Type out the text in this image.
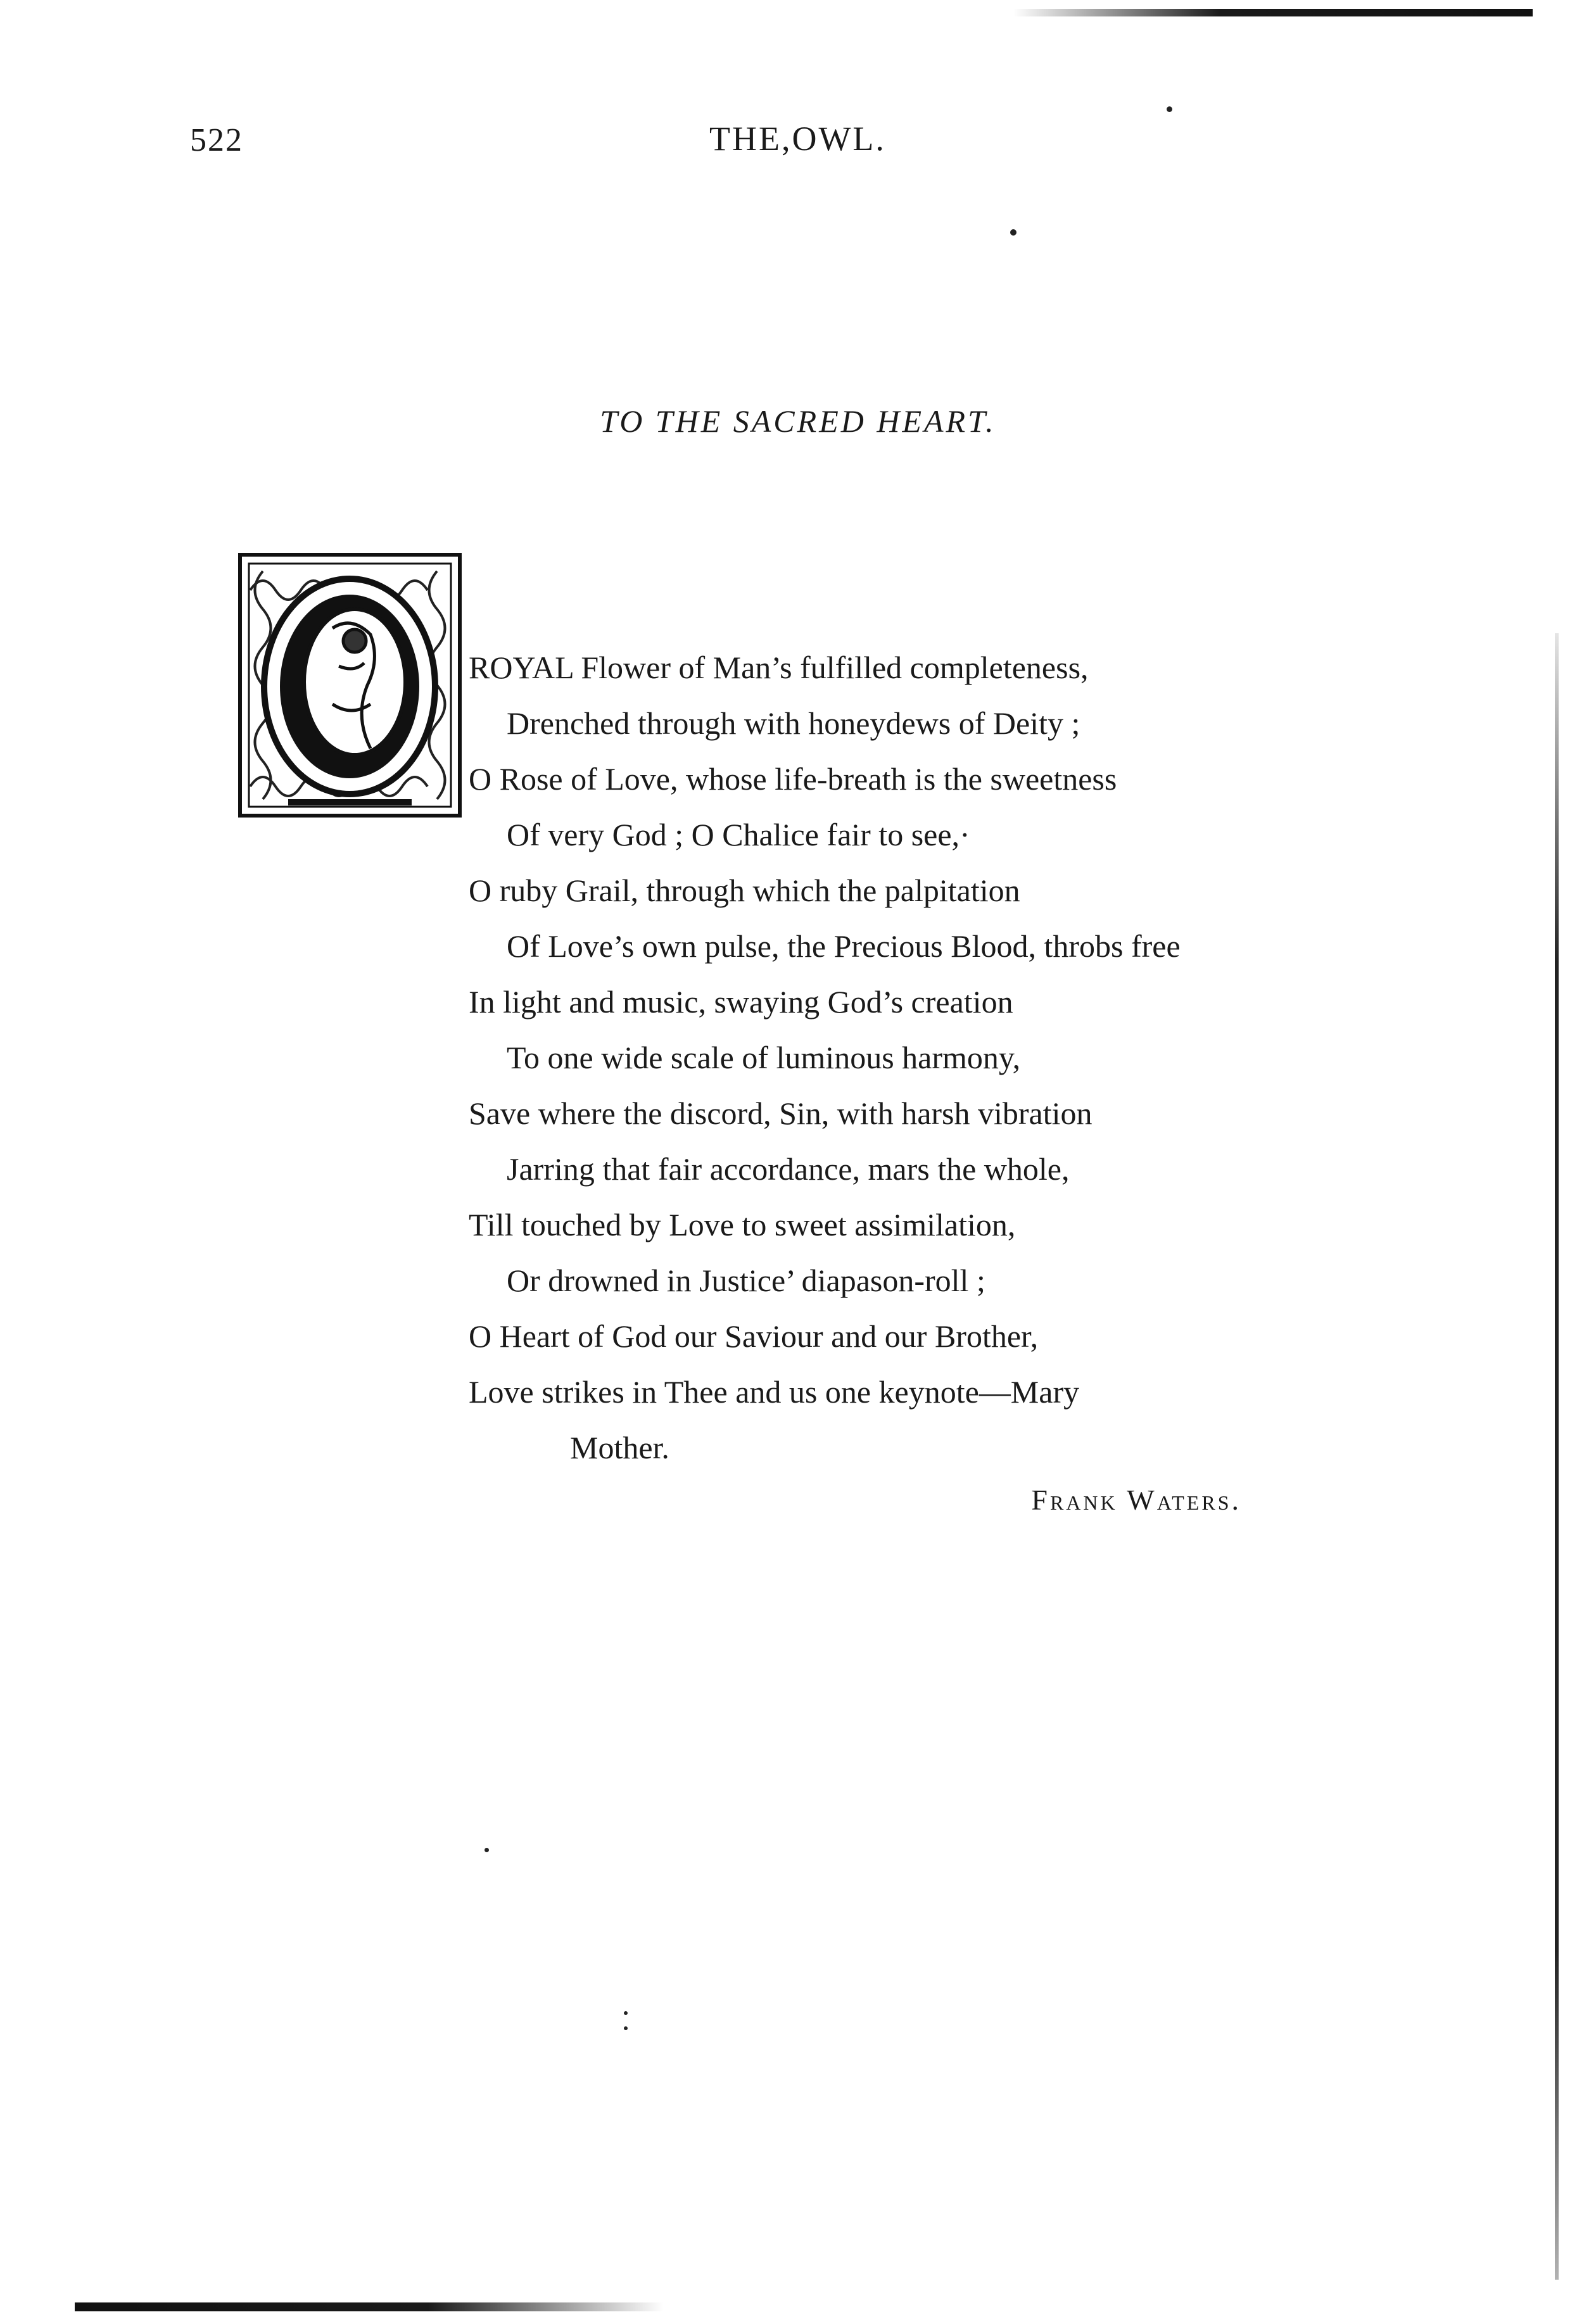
522	THE,OWL.
TO THE SACRED HEART.
ROYAL Flower of Man’s fulfilled completeness,
Drenched through with honeydews of Deity ;
O Rose of Love, whose life-breath is the sweetness
Of very God ; O Chalice fair to see,·
O ruby Grail, through which the palpitation
Of Love’s own pulse, the Precious Blood, throbs free
In light and music, swaying God’s creation
To one wide scale of luminous harmony,
Save where the discord, Sin, with harsh vibration
Jarring that fair accordance, mars the whole,
Till touched by Love to sweet assimilation,
Or drowned in Justice’ diapason-roll ;
O Heart of God our Saviour and our Brother,
Love strikes in Thee and us one keynote—Mary
Mother.
Frank Waters.
